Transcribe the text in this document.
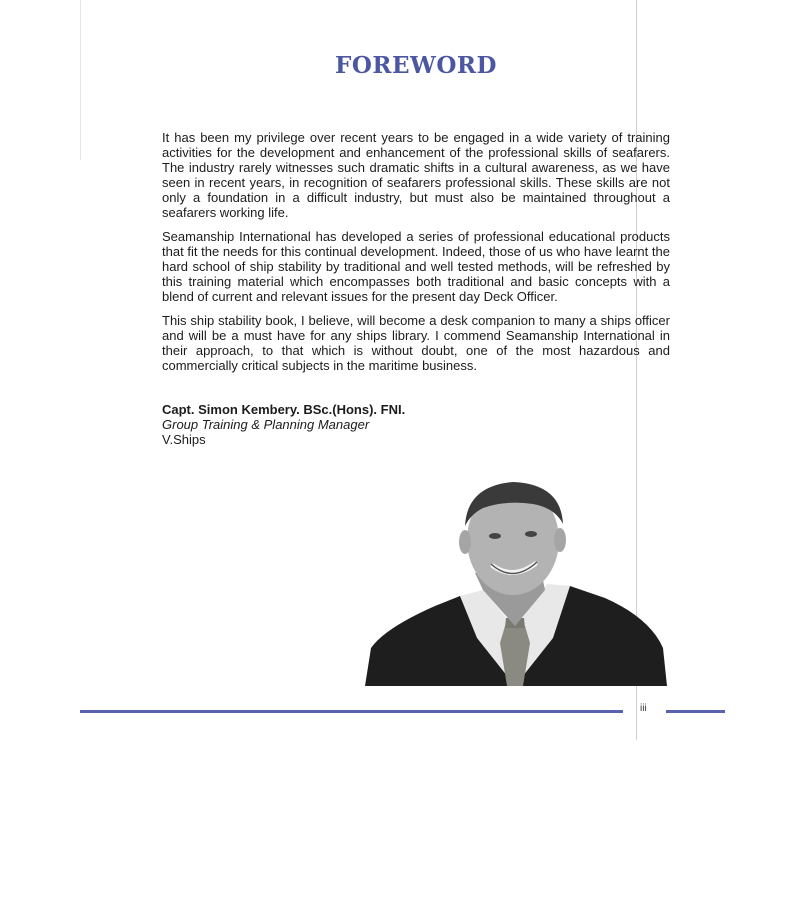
FOREWORD

It has been my privilege over recent years to be engaged in a wide variety of training activities for the development and enhancement of the professional skills of seafarers. The industry rarely witnesses such dramatic shifts in a cultural awareness, as we have seen in recent years, in recognition of seafarers professional skills. These skills are not only a foundation in a difficult industry, but must also be maintained throughout a seafarers working life.

Seamanship International has developed a series of professional educational products that fit the needs for this continual development. Indeed, those of us who have learnt the hard school of ship stability by traditional and well tested methods, will be refreshed by this training material which encompasses both traditional and basic concepts with a blend of current and relevant issues for the present day Deck Officer.

This ship stability book, I believe, will become a desk companion to many a ships officer and will be a must have for any ships library. I commend Seamanship International in their approach, to that which is without doubt, one of the most hazardous and commercially critical subjects in the maritime business.

Capt. Simon Kembery. BSc.(Hons). FNI.
Group Training & Planning Manager
V.Ships
iii
